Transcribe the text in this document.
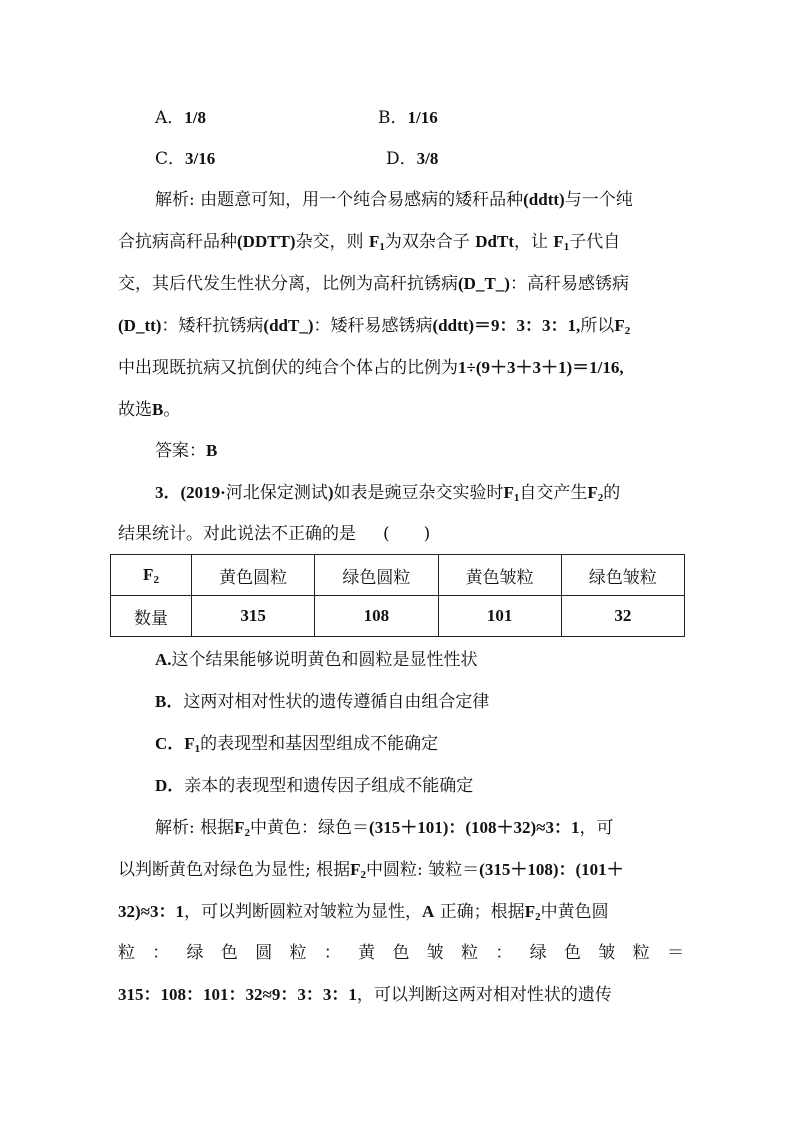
A．1/8	B．1/16
C．3/16	D．3/8
解析: 由题意可知，用一个纯合易感病的矮秆品种(ddtt)与一个纯
合抗病高秆品种(DDTT)杂交，则 $F_1$为双杂合子 DdTt，让 $F_1$子代自
交，其后代发生性状分离，比例为高秆抗锈病(D_T_)：高秆易感锈病
(D_tt)：矮秆抗锈病(ddT_)：矮秆易感锈病(ddtt)＝9：3：3：1,所以$F_2$
中出现既抗病又抗倒伏的纯合个体占的比例为1÷(9＋3＋3＋1)＝1/16,
故选B。
答案：B
3．(2019·河北保定测试)如表是豌豆杂交实验时$F_1$自交产生$F_2$的
结果统计。对此说法不正确的是 (　　)
$F_2$	黄色圆粒	绿色圆粒	黄色皱粒	绿色皱粒
数量	315	108	101	32
A.这个结果能够说明黄色和圆粒是显性性状
B．这两对相对性状的遗传遵循自由组合定律
C．$F_1$的表现型和基因型组成不能确定
D．亲本的表现型和遗传因子组成不能确定
解析: 根据$F_2$中黄色：绿色＝(315＋101)：(108＋32)≈3：1，可
以判断黄色对绿色为显性; 根据$F_2$中圆粒: 皱粒＝(315＋108)：(101＋
32)≈3：1，可以判断圆粒对皱粒为显性，A 正确；根据$F_2$中黄色圆
粒 ： 绿 色 圆 粒 ： 黄 色 皱 粒 ： 绿 色 皱 粒 ＝
315：108：101：32≈9：3：3：1，可以判断这两对相对性状的遗传
